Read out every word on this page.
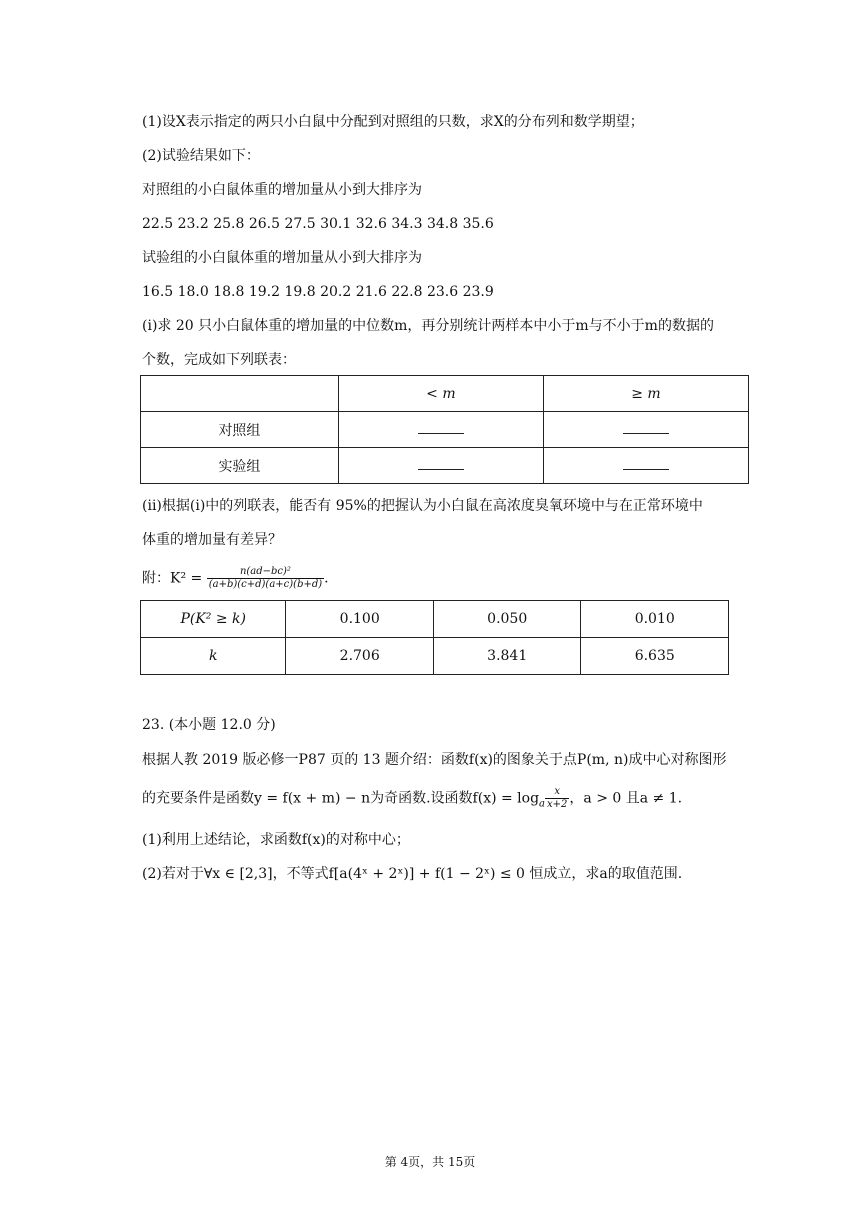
(1)设X表示指定的两只小白鼠中分配到对照组的只数，求X的分布列和数学期望；
(2)试验结果如下：
对照组的小白鼠体重的增加量从小到大排序为
22.5 23.2 25.8 26.5 27.5 30.1 32.6 34.3 34.8 35.6
试验组的小白鼠体重的增加量从小到大排序为
16.5 18.0 18.8 19.2 19.8 20.2 21.6 22.8 23.6 23.9
(i)求 20 只小白鼠体重的增加量的中位数m，再分别统计两样本中小于m与不小于m的数据的
个数，完成如下列联表：
	< m	≥ m
对照组		
实验组		
(ii)根据(i)中的列联表，能否有 95%的把握认为小白鼠在高浓度臭氧环境中与在正常环境中
体重的增加量有差异？
附：$K^2 = \frac{\text{n(ad−bc)²}}{(a+b)(c+d)(a+c)(b+d)}$ .
P(K² ≥ k)	0.100	0.050	0.010
k	2.706	3.841	6.635
23. (本小题 12.0 分)
根据人教 2019 版必修一P87 页的 13 题介绍：函数f(x)的图象关于点P(m, n)成中心对称图形
的充要条件是函数y = f(x + m) − n为奇函数.设函数$f(x) = \log_a \frac{x}{x+2}$ ，a > 0 且a ≠ 1.
(1)利用上述结论，求函数f(x)的对称中心；
(2)若对于∀x ∈ [2,3]，不等式f[a(4ˣ + 2ˣ)] + f(1 − 2ˣ) ≤ 0 恒成立，求a的取值范围.
第 4页，共 15页
